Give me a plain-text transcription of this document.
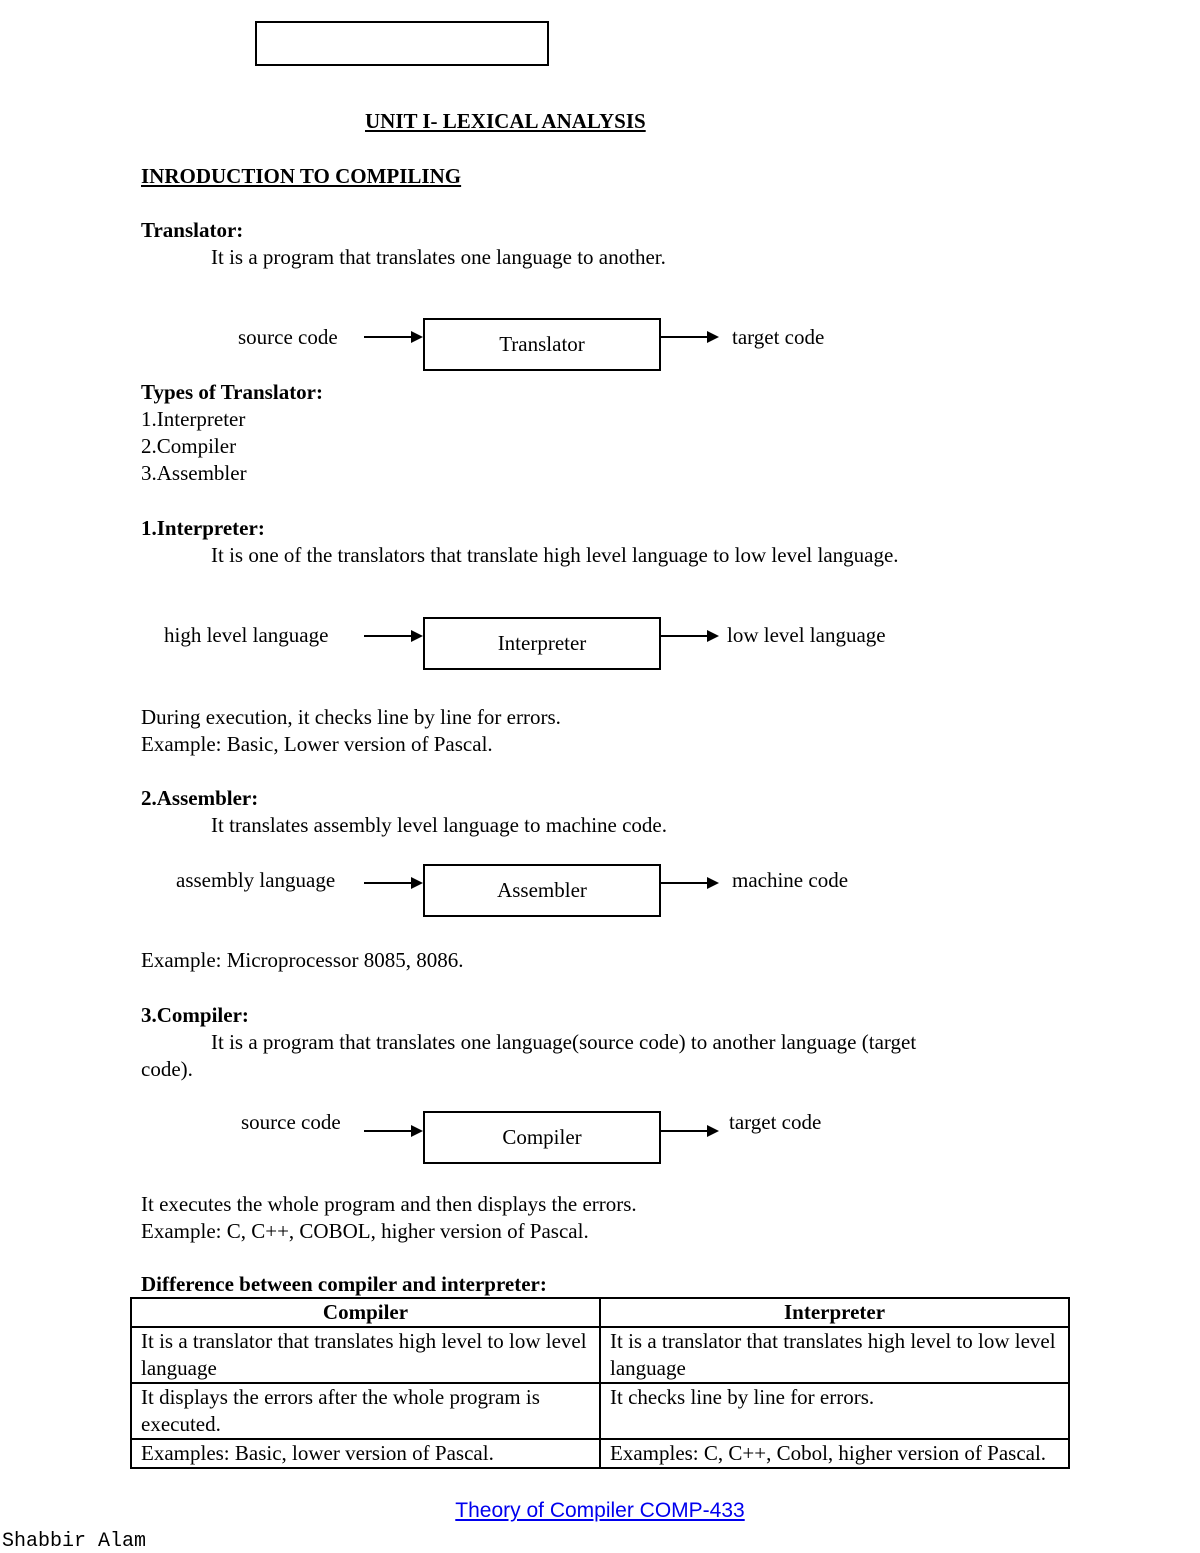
UNIT I- LEXICAL ANALYSIS
INRODUCTION TO COMPILING
Translator:
It is a program that translates one language to another.
source code	Translator	target code
Types of Translator:
1.Interpreter
2.Compiler
3.Assembler
1.Interpreter:
It is one of the translators that translate high level language to low level language.
high level language	Interpreter	low level language
During execution, it checks line by line for errors.
Example: Basic, Lower version of Pascal.
2.Assembler:
It translates assembly level language to machine code.
assembly language	Assembler	machine code
Example: Microprocessor 8085, 8086.
3.Compiler:
It is a program that translates one language(source code) to another language (target
code).
source code
Compiler
target code
It executes the whole program and then displays the errors.
Example: C, C++, COBOL, higher version of Pascal.
Difference between compiler and interpreter:
Compiler	Interpreter
It is a translator that translates high level to low level language	It is a translator that translates high level to low level language
It displays the errors after the whole program is executed.	It checks line by line for errors.
Examples: Basic, lower version of Pascal.	Examples: C, C++, Cobol, higher version of Pascal.
Theory of Compiler COMP-433
Shabbir Alam
